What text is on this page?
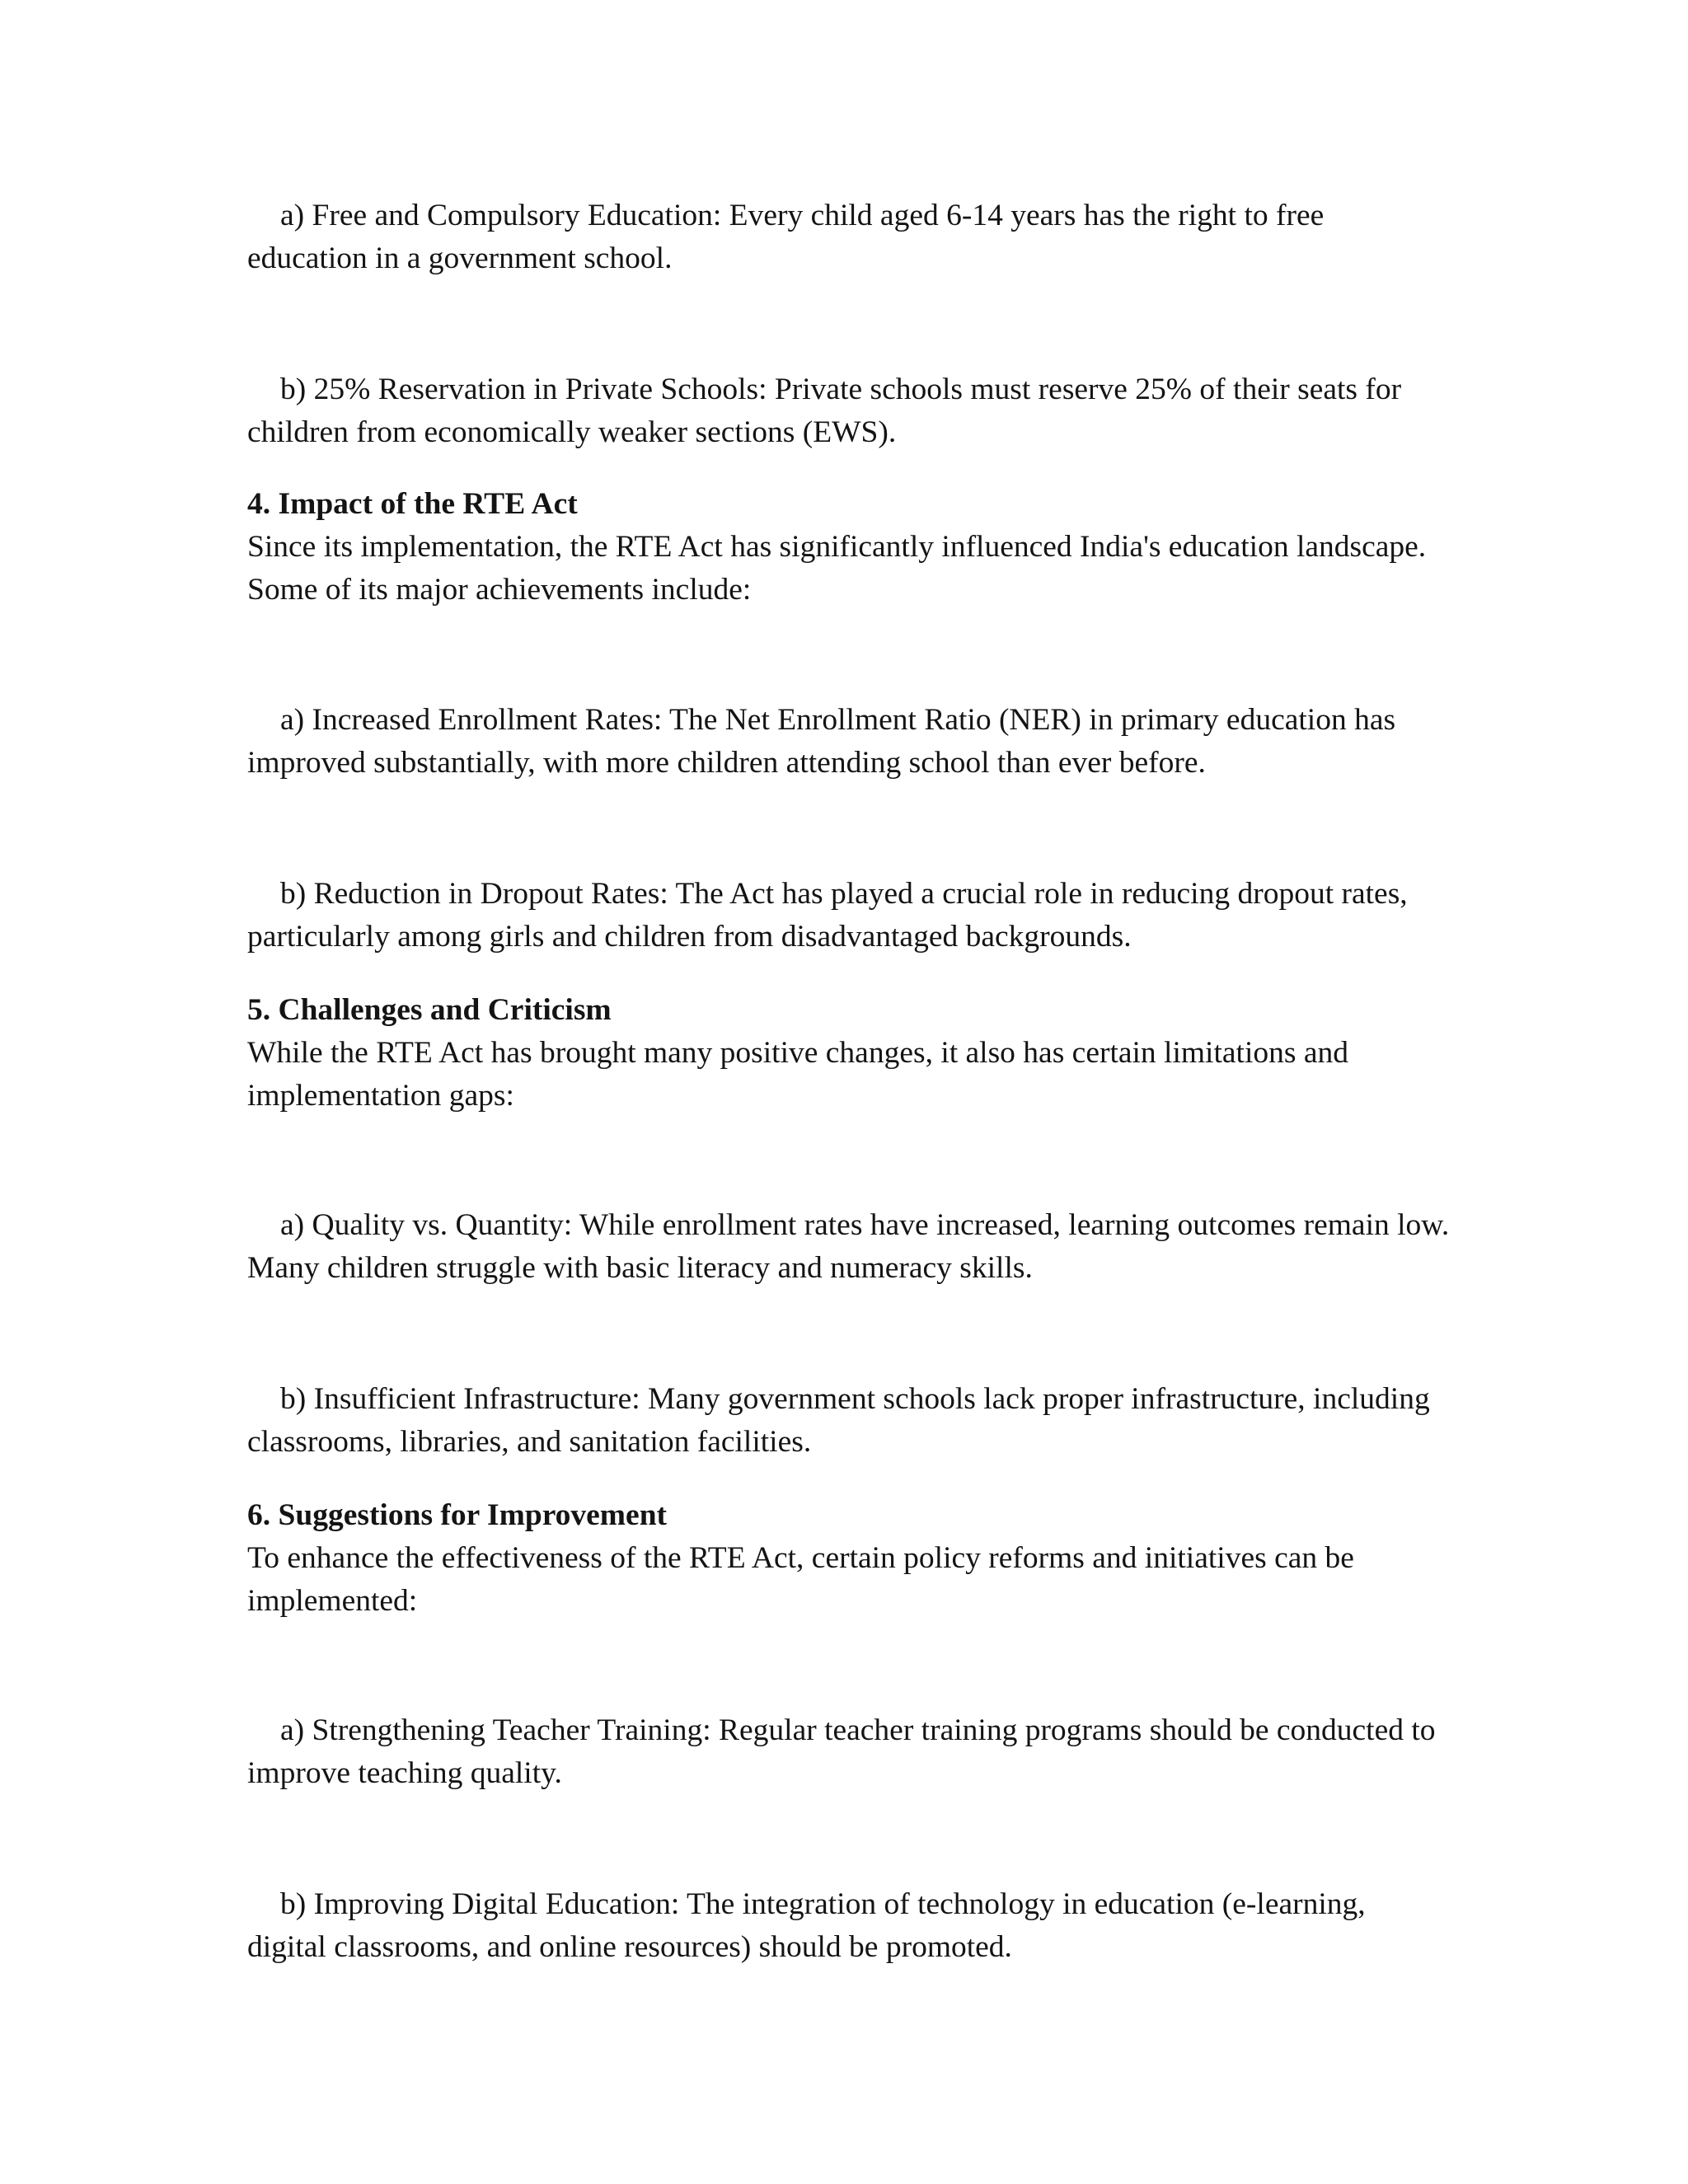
a) Free and Compulsory Education: Every child aged 6-14 years has the right to free education in a government school.

b) 25% Reservation in Private Schools: Private schools must reserve 25% of their seats for children from economically weaker sections (EWS).

4. Impact of the RTE Act

Since its implementation, the RTE Act has significantly influenced India's education landscape. Some of its major achievements include:

a) Increased Enrollment Rates: The Net Enrollment Ratio (NER) in primary education has improved substantially, with more children attending school than ever before.

b) Reduction in Dropout Rates: The Act has played a crucial role in reducing dropout rates, particularly among girls and children from disadvantaged backgrounds.

5. Challenges and Criticism

While the RTE Act has brought many positive changes, it also has certain limitations and implementation gaps:

a) Quality vs. Quantity: While enrollment rates have increased, learning outcomes remain low. Many children struggle with basic literacy and numeracy skills.

b) Insufficient Infrastructure: Many government schools lack proper infrastructure, including classrooms, libraries, and sanitation facilities.

6. Suggestions for Improvement

To enhance the effectiveness of the RTE Act, certain policy reforms and initiatives can be implemented:

a) Strengthening Teacher Training: Regular teacher training programs should be conducted to improve teaching quality.

b) Improving Digital Education: The integration of technology in education (e-learning, digital classrooms, and online resources) should be promoted.
